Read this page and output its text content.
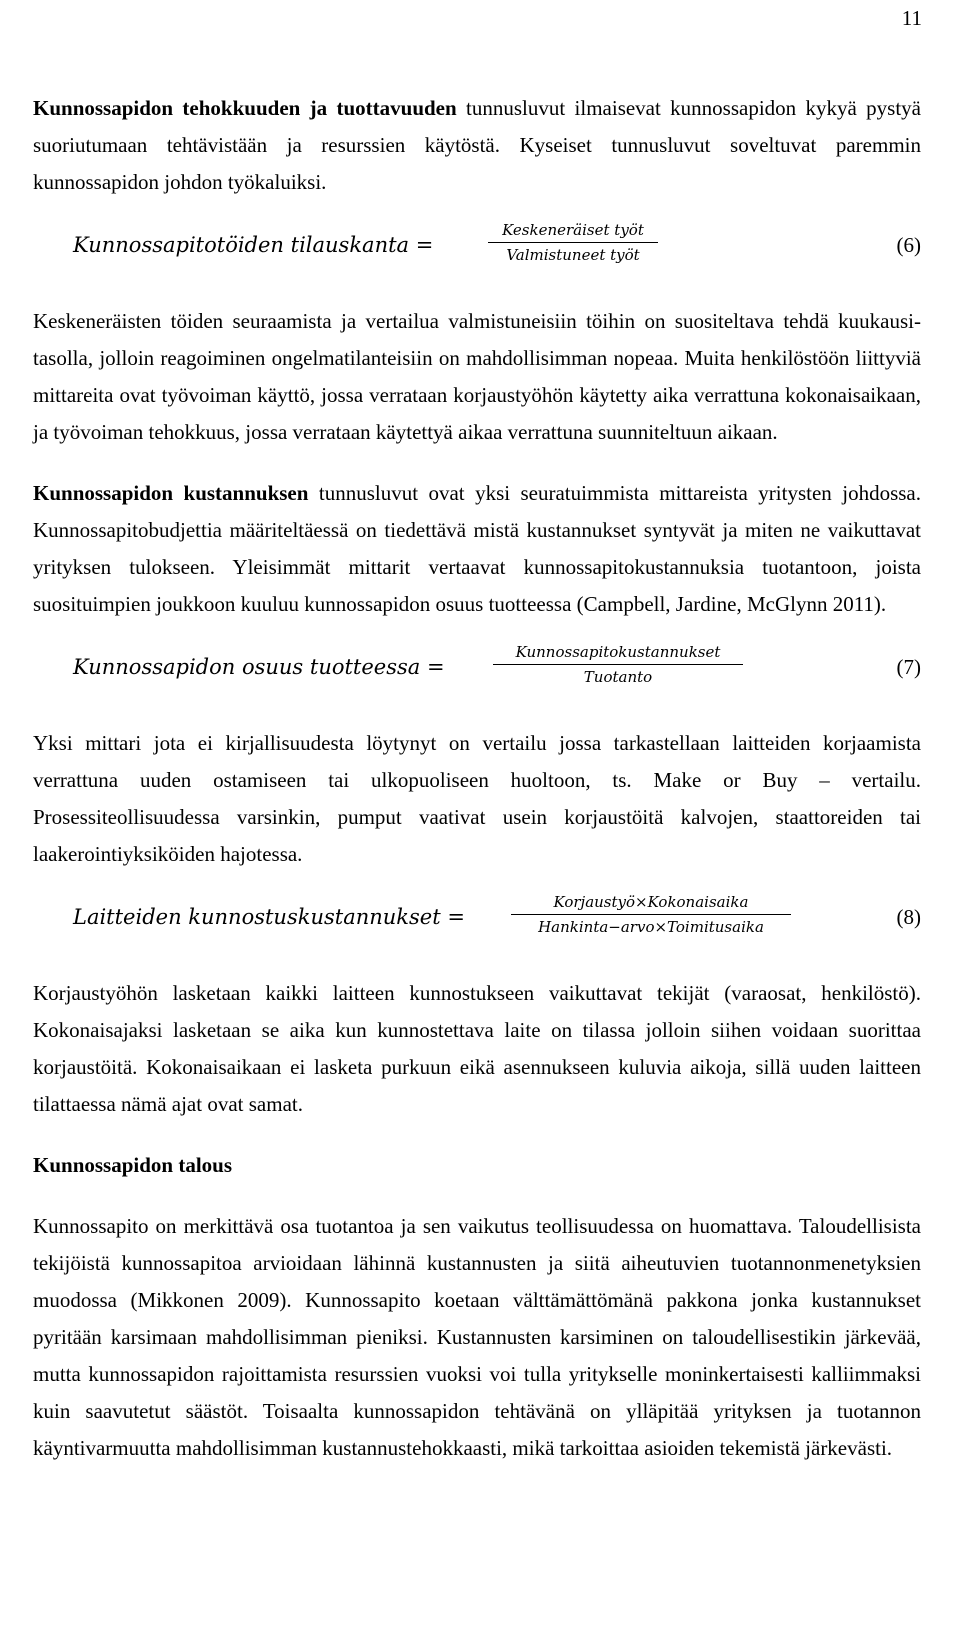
11

Kunnossapidon tehokkuuden ja tuottavuuden tunnusluvut ilmaisevat kunnossapidon kykyä pystyä suoriutumaan tehtävistään ja resurssien käytöstä. Kyseiset tunnusluvut soveltuvat paremmin kunnossapidon johdon työkaluiksi.

Kunnossapitotöiden tilauskanta =
Keskeneräiset työt
Valmistuneet työt	(6)

Keskeneräisten töiden seuraamista ja vertailua valmistuneisiin töihin on suositeltava tehdä kuukausi-tasolla, jolloin reagoiminen ongelmatilanteisiin on mahdollisimman nopeaa. Muita henkilöstöön liittyviä mittareita ovat työvoiman käyttö, jossa verrataan korjaustyöhön käytetty aika verrattuna kokonaisaikaan, ja työvoiman tehokkuus, jossa verrataan käytettyä aikaa verrattuna suunniteltuun aikaan.

Kunnossapidon kustannuksen tunnusluvut ovat yksi seuratuimmista mittareista yritysten johdossa. Kunnossapitobudjettia määriteltäessä on tiedettävä mistä kustannukset syntyvät ja miten ne vaikuttavat yrityksen tulokseen. Yleisimmät mittarit vertaavat kunnossapitokustannuksia tuotantoon, joista suosituimpien joukkoon kuuluu kunnossapidon osuus tuotteessa (Campbell, Jardine, McGlynn 2011).

Kunnossapidon osuus tuotteessa =
Kunnossapitokustannukset
Tuotanto	(7)

Yksi mittari jota ei kirjallisuudesta löytynyt on vertailu jossa tarkastellaan laitteiden korjaamista verrattuna uuden ostamiseen tai ulkopuoliseen huoltoon, ts. Make or Buy – vertailu. Prosessiteollisuudessa varsinkin, pumput vaativat usein korjaustöitä kalvojen, staattoreiden tai laakerointiyksiköiden hajotessa.

Laitteiden kunnostuskustannukset =
Korjaustyö×Kokonaisaika
Hankinta−arvo×Toimitusaika	(8)

Korjaustyöhön lasketaan kaikki laitteen kunnostukseen vaikuttavat tekijät (varaosat, henkilöstö). Kokonaisajaksi lasketaan se aika kun kunnostettava laite on tilassa jolloin siihen voidaan suorittaa korjaustöitä. Kokonaisaikaan ei lasketa purkuun eikä asennukseen kuluvia aikoja, sillä uuden laitteen tilattaessa nämä ajat ovat samat.

Kunnossapidon talous

Kunnossapito on merkittävä osa tuotantoa ja sen vaikutus teollisuudessa on huomattava. Taloudellisista tekijöistä kunnossapitoa arvioidaan lähinnä kustannusten ja siitä aiheutuvien tuotannonmenetyksien muodossa (Mikkonen 2009). Kunnossapito koetaan välttämättömänä pakkona jonka kustannukset pyritään karsimaan mahdollisimman pieniksi. Kustannusten karsiminen on taloudellisestikin järkevää, mutta kunnossapidon rajoittamista resurssien vuoksi voi tulla yritykselle moninkertaisesti kalliimmaksi kuin saavutetut säästöt. Toisaalta kunnossapidon tehtävänä on ylläpitää yrityksen ja tuotannon käyntivarmuutta mahdollisimman kustannustehokkaasti, mikä tarkoittaa asioiden tekemistä järkevästi.
